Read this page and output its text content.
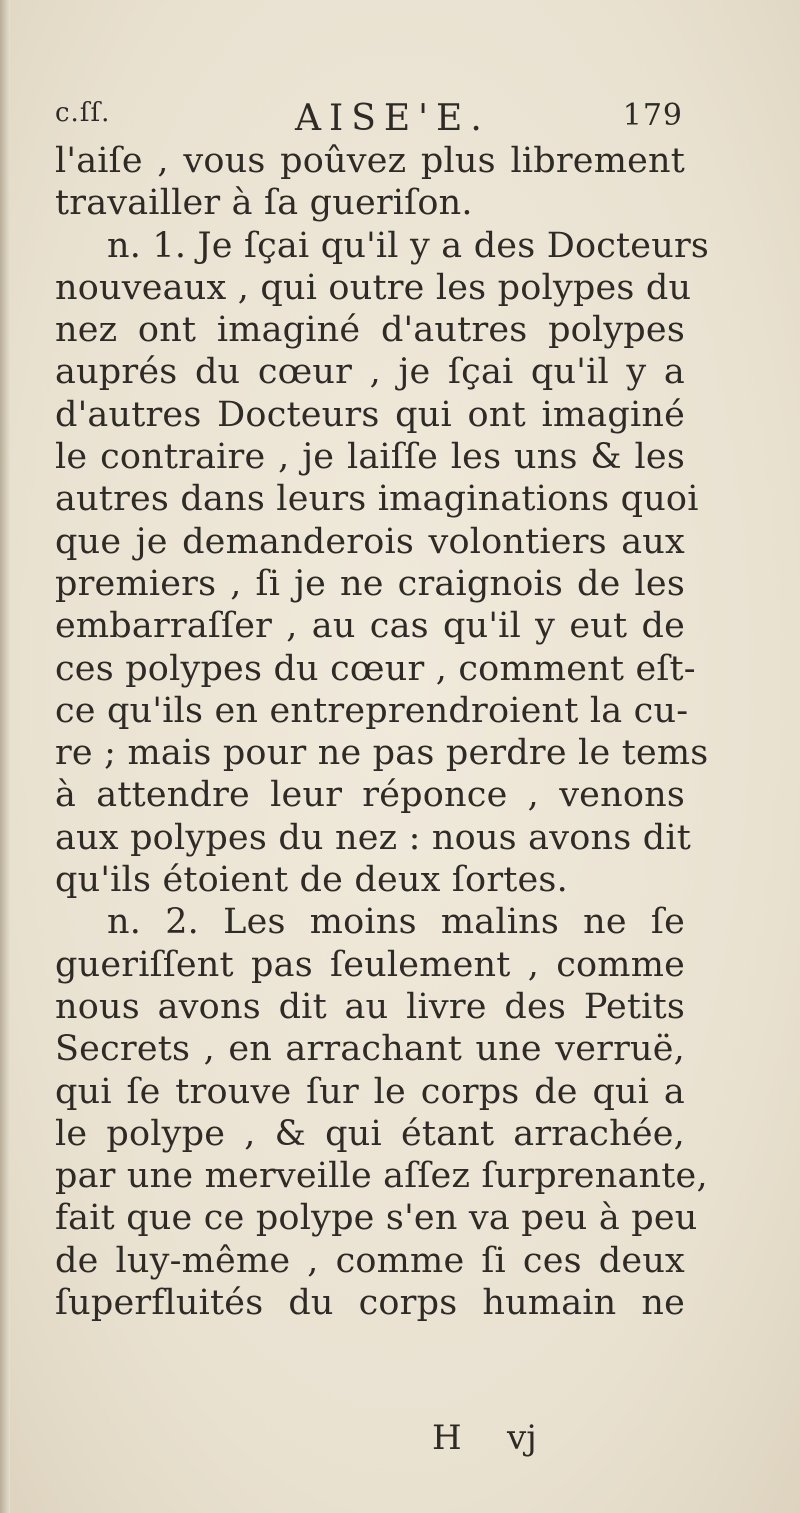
c.ſſ.	AISE'E.	179
l'aiſe , vous poûvez plus librement
travailler à ſa gueriſon.
n. 1. Je ſçai qu'il y a des Docteurs
nouveaux , qui outre les polypes du
nez ont imaginé d'autres polypes
auprés du cœur , je ſçai qu'il y a
d'autres Docteurs qui ont imaginé
le contraire , je laiſſe les uns & les
autres dans leurs imaginations quoi
que je demanderois volontiers aux
premiers , ſi je ne craignois de les
embarraſſer , au cas qu'il y eut de
ces polypes du cœur , comment eſt-
ce qu'ils en entreprendroient la cu-
re ; mais pour ne pas perdre le tems
à attendre leur réponce , venons
aux polypes du nez : nous avons dit
qu'ils étoient de deux ſortes.
n. 2. Les moins malins ne ſe
gueriſſent pas ſeulement , comme
nous avons dit au livre des Petits
Secrets , en arrachant une verruë,
qui ſe trouve ſur le corps de qui a
le polype , & qui étant arrachée,
par une merveille aſſez ſurprenante,
fait que ce polype s'en va peu à peu
de luy-même , comme ſi ces deux
ſuperfluités du corps humain ne
H vj
